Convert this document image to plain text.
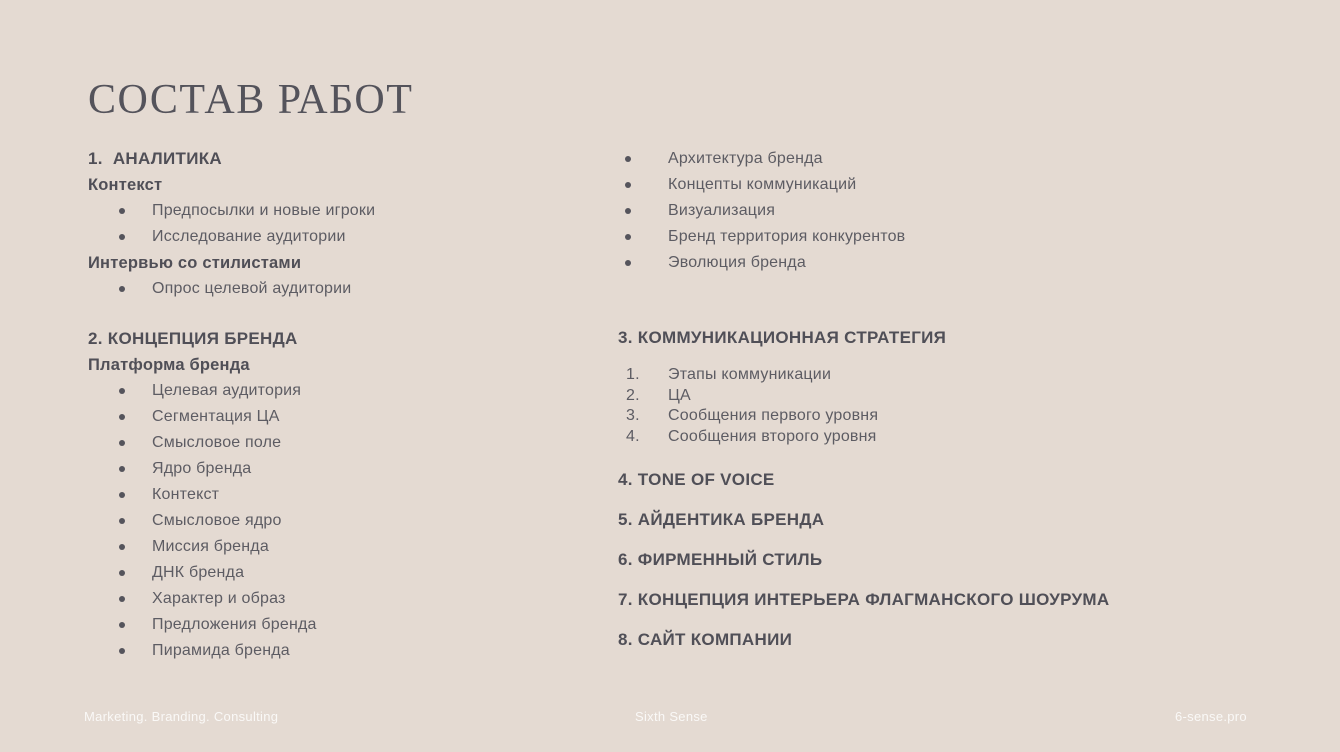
СОСТАВ РАБОТ
1.  АНАЛИТИКА
Контекст
Предпосылки и новые игроки
Исследование аудитории
Интервью со стилистами
Опрос целевой аудитории
2. КОНЦЕПЦИЯ БРЕНДА
Платформа бренда
Целевая аудитория
Сегментация ЦА
Смысловое поле
Ядро бренда
Контекст
Смысловое ядро
Миссия бренда
ДНК бренда
Характер и образ
Предложения бренда
Пирамида бренда
Архитектура бренда
Концепты коммуникаций
Визуализация
Бренд территория конкурентов
Эволюция бренда
3. КОММУНИКАЦИОННАЯ СТРАТЕГИЯ
1. Этапы коммуникации
2. ЦА
3. Сообщения первого уровня
4. Сообщения второго уровня
4. TONE OF VOICE
5. АЙДЕНТИКА БРЕНДА
6. ФИРМЕННЫЙ СТИЛЬ
7. КОНЦЕПЦИЯ ИНТЕРЬЕРА ФЛАГМАНСКОГО ШОУРУМА
8. САЙТ КОМПАНИИ
Marketing. Branding. Consulting	Sixth Sense	6-sense.pro
